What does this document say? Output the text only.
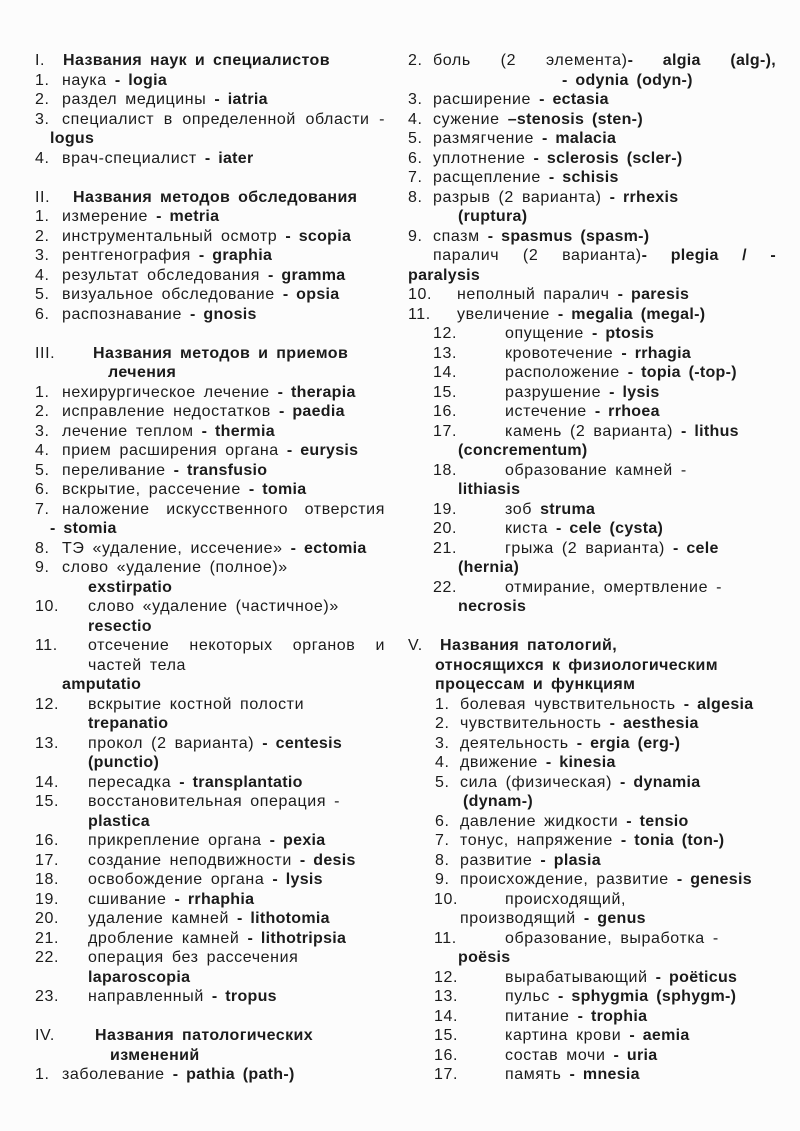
I. Названия наук и специалистов
1. наука - logia
2. раздел медицины - iatria
3. специалист в определенной области -
logus
4. врач-специалист - iater
II. Названия методов обследования
1. измерение - metria
2. инструментальный осмотр - scopia
3. рентгенография - graphia
4. результат обследования - gramma
5. визуальное обследование - opsia
6. распознавание - gnosis
III. Названия методов и приемов
лечения
1. нехирургическое лечение - therapia
2. исправление недостатков - paedia
3. лечение теплом - thermia
4. прием расширения органа - eurysis
5. переливание - transfusio
6. вскрытие, рассечение - tomia
7. наложение искусственного отверстия
- stomia
8. ТЭ «удаление, иссечение» - ectomia
9. слово «удаление (полное)»
exstirpatio
10. слово «удаление (частичное)»
resectio
11. отсечение некоторых органов и
частей тела
amputatio
12. вскрытие костной полости
trepanatio
13. прокол (2 варианта) - centesis
(punctio)
14. пересадка - transplantatio
15. восстановительная операция -
plastica
16. прикрепление органа - pexia
17. создание неподвижности - desis
18. освобождение органа - lysis
19. сшивание - rrhaphia
20. удаление камней - lithotomia
21. дробление камней - lithotripsia
22. операция без рассечения
laparoscopia
23. направленный - tropus
IV.	Названия патологических
изменений
1. заболевание - pathia (path-)
2. боль (2 элемента)- algia (alg-),
- odynia (odyn-)
3. расширение - ectasia
4. сужение –stenosis (sten-)
5. размягчение - malacia
6. уплотнение - sclerosis (scler-)
7. расщепление - schisis
8. разрыв (2 варианта) - rrhexis
(ruptura)
9. спазм - spasmus (spasm-)
паралич (2 варианта)- plegia / -
paralysis
10. неполный паралич - paresis
11. увеличение - megalia (megal-)
12.	опущение - ptosis
13.	кровотечение - rrhagia
14.	расположение - topia (-top-)
15.	разрушение - lysis
16.	истечение - rrhoea
17.	камень (2 варианта) - lithus
(concrementum)
18.	образование камней -
lithiasis
19.	зоб struma
20.	киста - cele (cysta)
21.	грыжа (2 варианта) - cele
(hernia)
22.	отмирание, омертвление -
necrosis
V. Названия патологий,
относящихся к физиологическим
процессам и функциям
1. болевая чувствительность - algesia
2. чувствительность - aesthesia
3. деятельность - ergia (erg-)
4. движение - kinesia
5. сила (физическая) - dynamia
(dynam-)
6. давление жидкости - tensio
7. тонус, напряжение - tonia (ton-)
8. развитие - plasia
9. происхождение, развитие - genesis
10.	происходящий,
производящий - genus
11.	образование, выработка -
poësis
12.	вырабатывающий - poëticus
13.	пульс - sphygmia (sphygm-)
14.	питание - trophia
15.	картина крови - aemia
16.	состав мочи - uria
17.	память - mnesia
